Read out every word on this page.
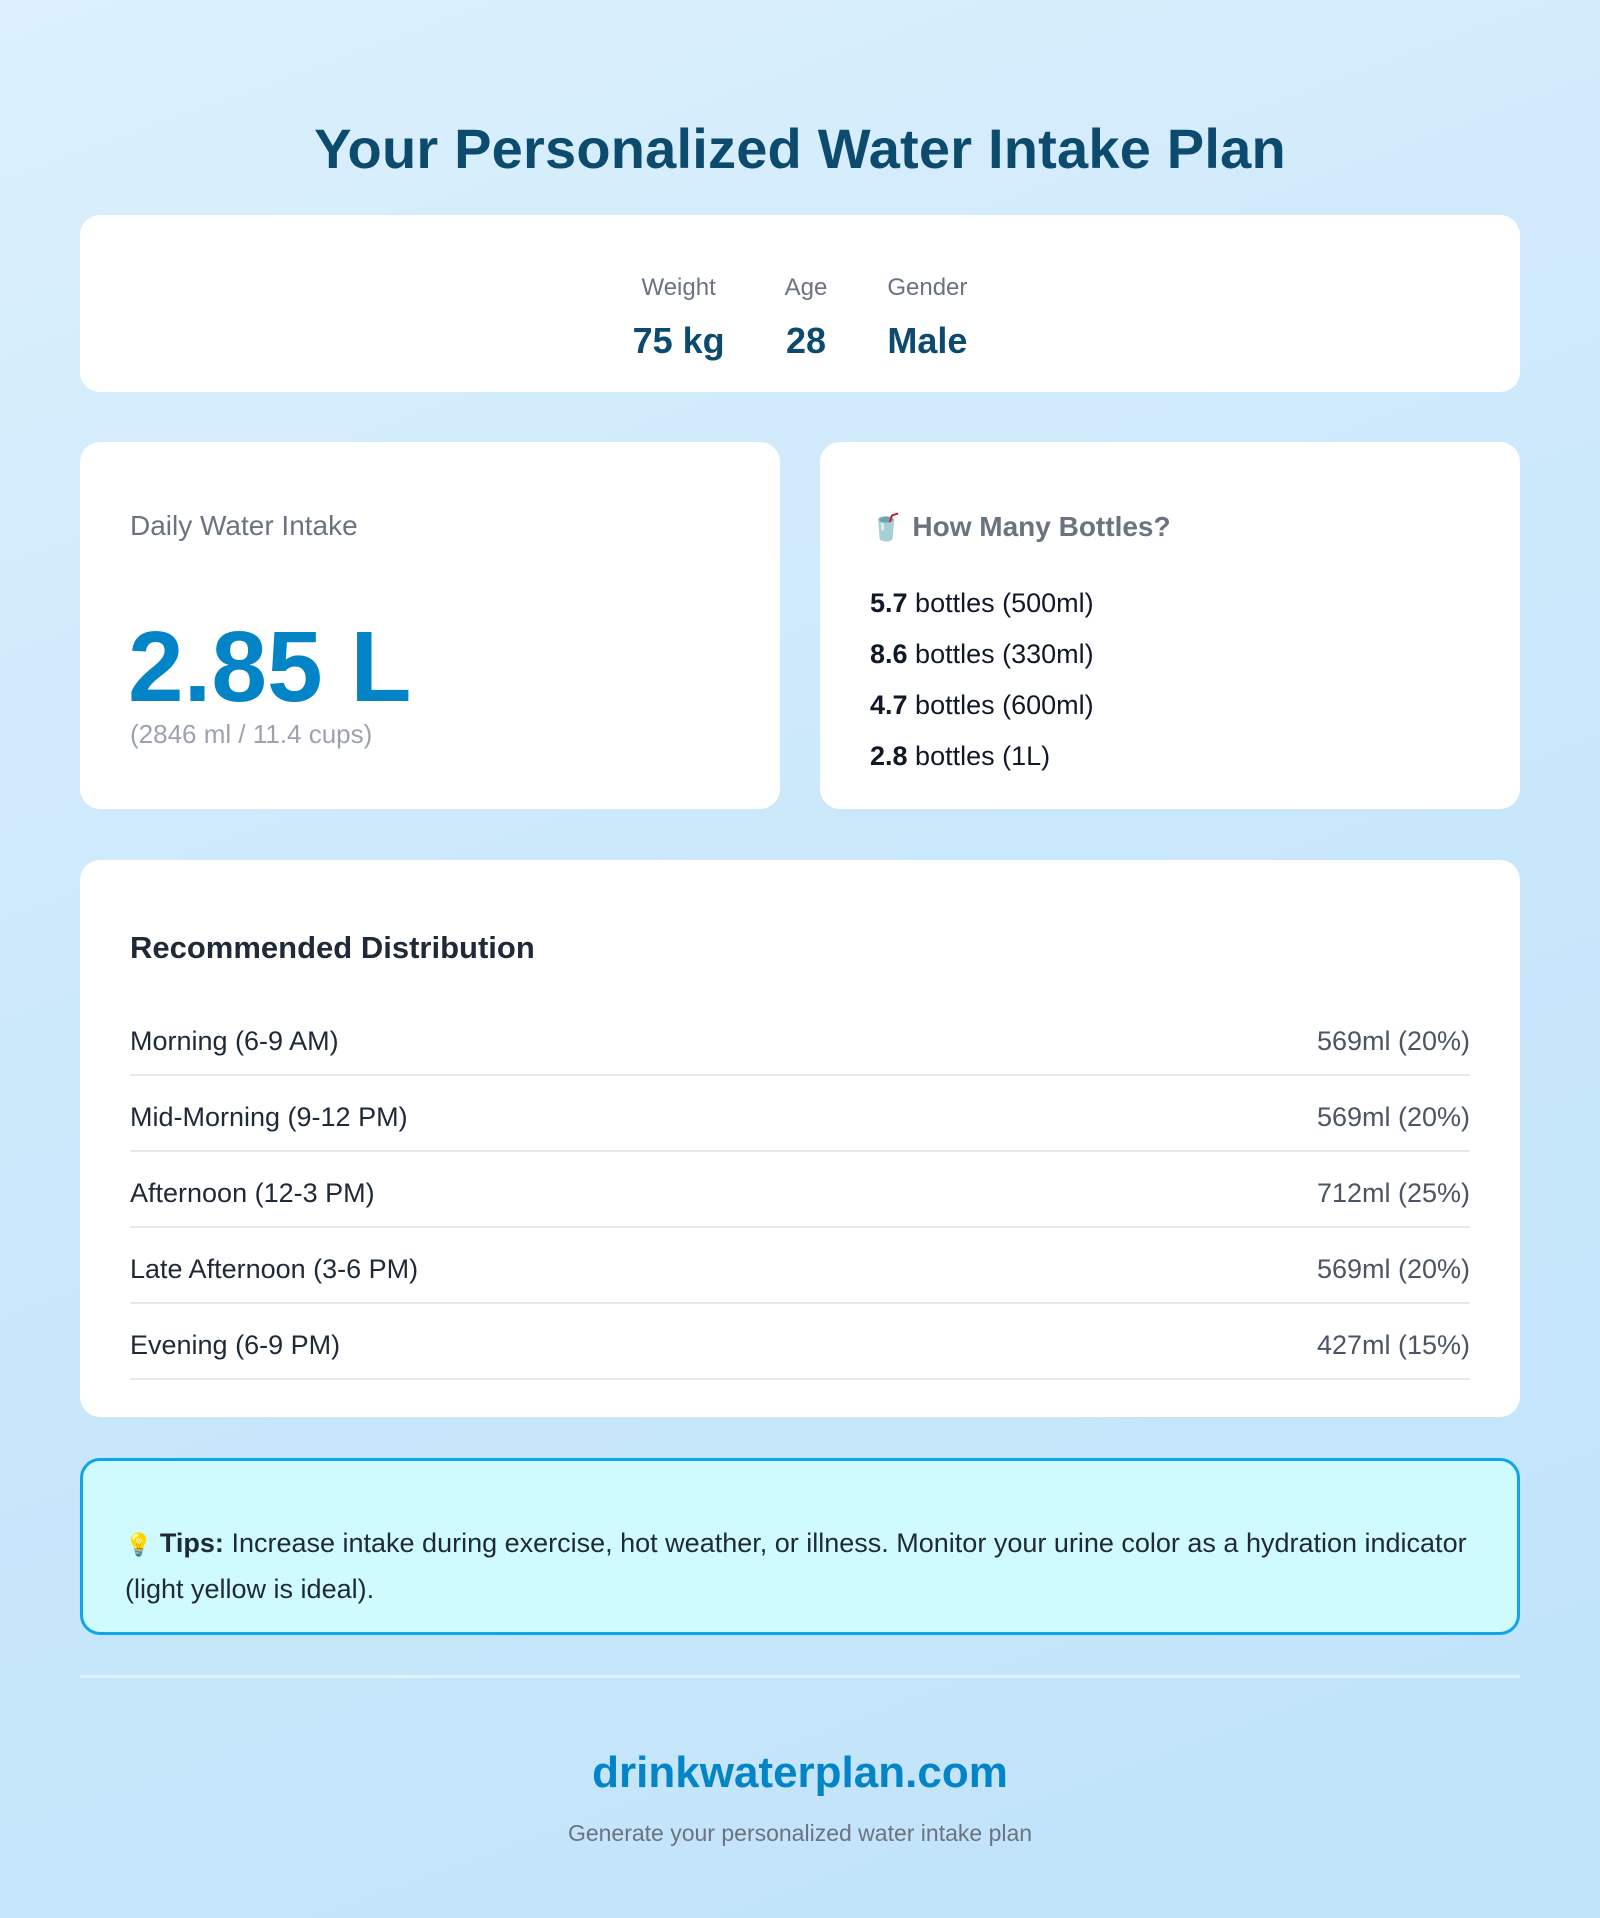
Your Personalized Water Intake Plan
Weight
75 kg
Age
28
Gender
Male
Daily Water Intake
2.85 L
(2846 ml / 11.4 cups)
🥤 How Many Bottles?
5.7 bottles (500ml)
8.6 bottles (330ml)
4.7 bottles (600ml)
2.8 bottles (1L)
Recommended Distribution
Morning (6-9 AM)	569ml (20%)
Mid-Morning (9-12 PM)	569ml (20%)
Afternoon (12-3 PM)	712ml (25%)
Late Afternoon (3-6 PM)	569ml (20%)
Evening (6-9 PM)	427ml (15%)
💡 Tips: Increase intake during exercise, hot weather, or illness. Monitor your urine color as a hydration indicator (light yellow is ideal).
drinkwaterplan.com
Generate your personalized water intake plan
